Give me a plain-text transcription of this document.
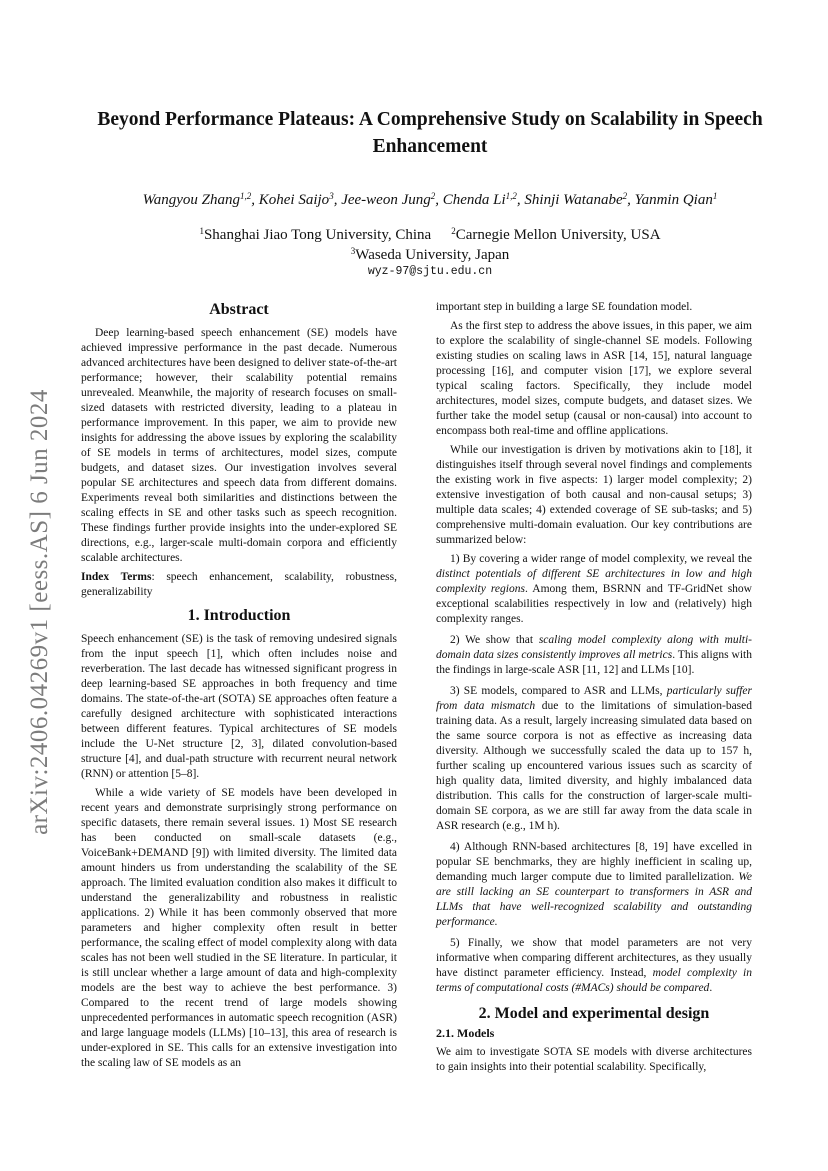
arXiv:2406.04269v1 [eess.AS] 6 Jun 2024
Beyond Performance Plateaus: A Comprehensive Study on Scalability in Speech Enhancement
Wangyou Zhang$^{1,2}$, Kohei Saijo$^3$, Jee-weon Jung$^2$, Chenda Li$^{1,2}$, Shinji Watanabe$^2$, Yanmin Qian$^1$
$^1$Shanghai Jiao Tong University, China $^2$Carnegie Mellon University, USA
$^3$Waseda University, Japan
wyz-97@sjtu.edu.cn
Abstract

Deep learning-based speech enhancement (SE) models have achieved impressive performance in the past decade. Numerous advanced architectures have been designed to deliver state-of-the-art performance; however, their scalability potential remains unrevealed. Meanwhile, the majority of research focuses on small-sized datasets with restricted diversity, leading to a plateau in performance improvement. In this paper, we aim to provide new insights for addressing the above issues by exploring the scalability of SE models in terms of architectures, model sizes, compute budgets, and dataset sizes. Our investigation involves several popular SE architectures and speech data from different domains. Experiments reveal both similarities and distinctions between the scaling effects in SE and other tasks such as speech recognition. These findings further provide insights into the under-explored SE directions, e.g., larger-scale multi-domain corpora and efficiently scalable architectures.

Index Terms: speech enhancement, scalability, robustness, generalizability

1. Introduction

Speech enhancement (SE) is the task of removing undesired signals from the input speech [1], which often includes noise and reverberation. The last decade has witnessed significant progress in deep learning-based SE approaches in both frequency and time domains. The state-of-the-art (SOTA) SE approaches often feature a carefully designed architecture with sophisticated interactions between different features. Typical architectures of SE models include the U-Net structure [2, 3], dilated convolution-based structure [4], and dual-path structure with recurrent neural network (RNN) or attention [5–8].

While a wide variety of SE models have been developed in recent years and demonstrate surprisingly strong performance on specific datasets, there remain several issues. 1) Most SE research has been conducted on small-scale datasets (e.g., VoiceBank+DEMAND [9]) with limited diversity. The limited data amount hinders us from understanding the scalability of the SE approach. The limited evaluation condition also makes it difficult to understand the generalizability and robustness in realistic applications. 2) While it has been commonly observed that more parameters and higher complexity often result in better performance, the scaling effect of model complexity along with data scales has not been well studied in the SE literature. In particular, it is still unclear whether a large amount of data and high-complexity models are the best way to achieve the best performance. 3) Compared to the recent trend of large models showing unprecedented performances in automatic speech recognition (ASR) and large language models (LLMs) [10–13], this area of research is under-explored in SE. This calls for an extensive investigation into the scaling law of SE models as an

important step in building a large SE foundation model.

As the first step to address the above issues, in this paper, we aim to explore the scalability of single-channel SE models. Following existing studies on scaling laws in ASR [14, 15], natural language processing [16], and computer vision [17], we explore several typical scaling factors. Specifically, they include model architectures, model sizes, compute budgets, and dataset sizes. We further take the model setup (causal or non-causal) into account to encompass both real-time and offline applications.

While our investigation is driven by motivations akin to [18], it distinguishes itself through several novel findings and complements the existing work in five aspects: 1) larger model complexity; 2) extensive investigation of both causal and non-causal setups; 3) multiple data scales; 4) extended coverage of SE sub-tasks; and 5) comprehensive multi-domain evaluation. Our key contributions are summarized below:

1) By covering a wider range of model complexity, we reveal the distinct potentials of different SE architectures in low and high complexity regions. Among them, BSRNN and TF-GridNet show exceptional scalabilities respectively in low and (relatively) high complexity ranges.

2) We show that scaling model complexity along with multi-domain data sizes consistently improves all metrics. This aligns with the findings in large-scale ASR [11, 12] and LLMs [10].

3) SE models, compared to ASR and LLMs, particularly suffer from data mismatch due to the limitations of simulation-based training data. As a result, largely increasing simulated data based on the same source corpora is not as effective as increasing data diversity. Although we successfully scaled the data up to 157 h, further scaling up encountered various issues such as scarcity of high quality data, limited diversity, and highly imbalanced data distribution. This calls for the construction of larger-scale multi-domain SE corpora, as we are still far away from the data scale in ASR research (e.g., 1M h).

4) Although RNN-based architectures [8, 19] have excelled in popular SE benchmarks, they are highly inefficient in scaling up, demanding much larger compute due to limited parallelization. We are still lacking an SE counterpart to transformers in ASR and LLMs that have well-recognized scalability and outstanding performance.

5) Finally, we show that model parameters are not very informative when comparing different architectures, as they usually have distinct parameter efficiency. Instead, model complexity in terms of computational costs (#MACs) should be compared.

2. Model and experimental design
2.1. Models

We aim to investigate SOTA SE models with diverse architectures to gain insights into their potential scalability. Specifically,
